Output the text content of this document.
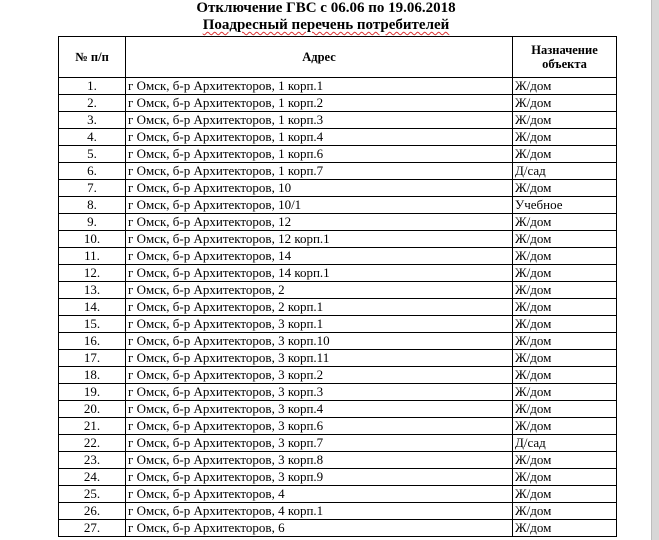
Отключение ГВС с 06.06 по 19.06.2018
Поадресный перечень потребителей
№ п/п	Адрес	Назначение
объекта
1.	г Омск, б-р Архитекторов, 1 корп.1	Ж/дом
2.	г Омск, б-р Архитекторов, 1 корп.2	Ж/дом
3.	г Омск, б-р Архитекторов, 1 корп.3	Ж/дом
4.	г Омск, б-р Архитекторов, 1 корп.4	Ж/дом
5.	г Омск, б-р Архитекторов, 1 корп.6	Ж/дом
6.	г Омск, б-р Архитекторов, 1 корп.7	Д/сад
7.	г Омск, б-р Архитекторов, 10	Ж/дом
8.	г Омск, б-р Архитекторов, 10/1	Учебное
9.	г Омск, б-р Архитекторов, 12	Ж/дом
10.	г Омск, б-р Архитекторов, 12 корп.1	Ж/дом
11.	г Омск, б-р Архитекторов, 14	Ж/дом
12.	г Омск, б-р Архитекторов, 14 корп.1	Ж/дом
13.	г Омск, б-р Архитекторов, 2	Ж/дом
14.	г Омск, б-р Архитекторов, 2 корп.1	Ж/дом
15.	г Омск, б-р Архитекторов, 3 корп.1	Ж/дом
16.	г Омск, б-р Архитекторов, 3 корп.10	Ж/дом
17.	г Омск, б-р Архитекторов, 3 корп.11	Ж/дом
18.	г Омск, б-р Архитекторов, 3 корп.2	Ж/дом
19.	г Омск, б-р Архитекторов, 3 корп.3	Ж/дом
20.	г Омск, б-р Архитекторов, 3 корп.4	Ж/дом
21.	г Омск, б-р Архитекторов, 3 корп.6	Ж/дом
22.	г Омск, б-р Архитекторов, 3 корп.7	Д/сад
23.	г Омск, б-р Архитекторов, 3 корп.8	Ж/дом
24.	г Омск, б-р Архитекторов, 3 корп.9	Ж/дом
25.	г Омск, б-р Архитекторов, 4	Ж/дом
26.	г Омск, б-р Архитекторов, 4 корп.1	Ж/дом
27.	г Омск, б-р Архитекторов, 6	Ж/дом
